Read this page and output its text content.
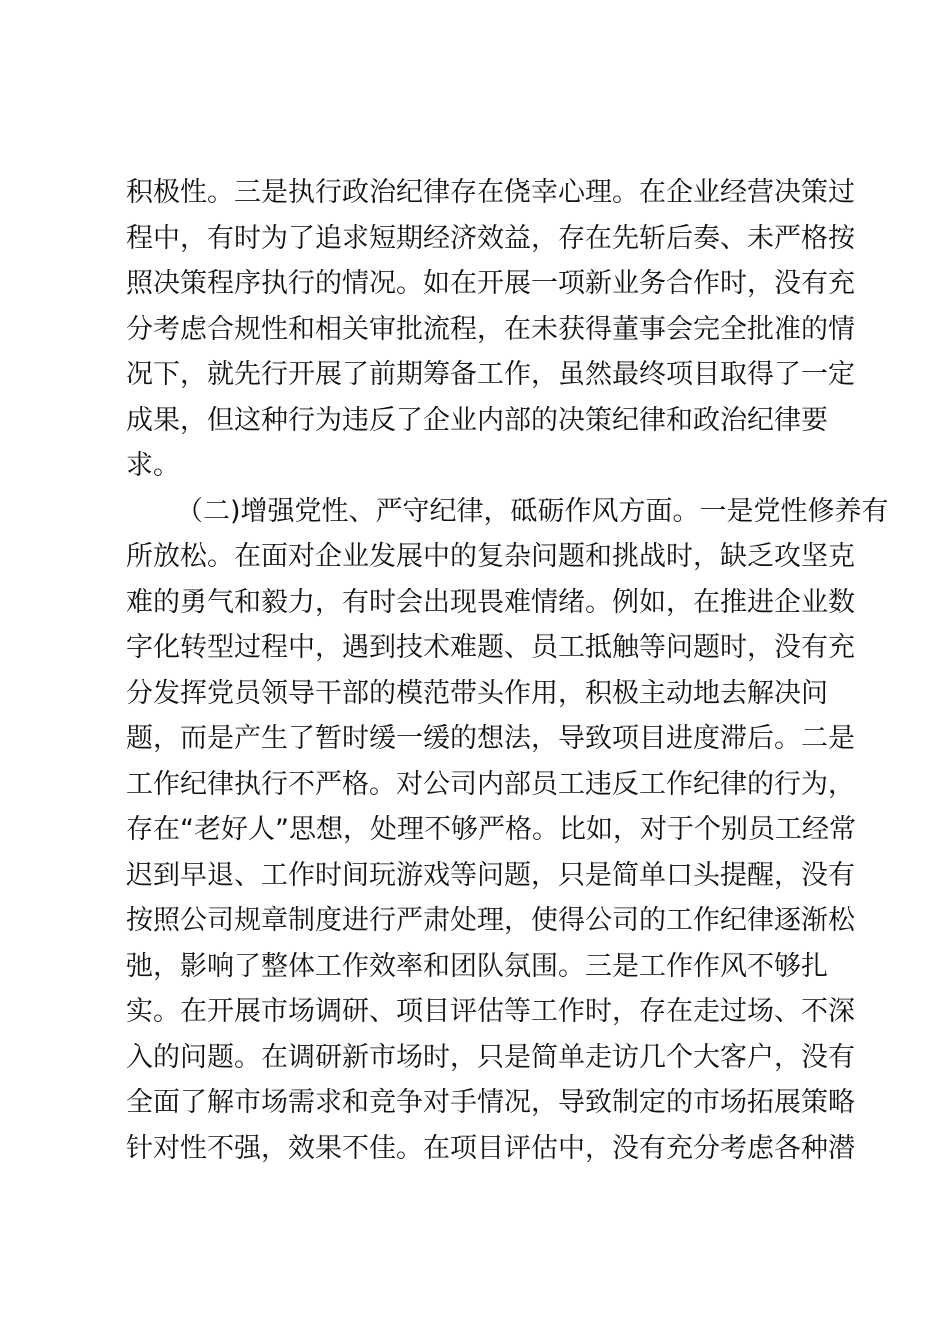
积极性。三是执行政治纪律存在侥幸心理。在企业经营决策过
程中，有时为了追求短期经济效益，存在先斩后奏、未严格按
照决策程序执行的情况。如在开展一项新业务合作时，没有充
分考虑合规性和相关审批流程，在未获得董事会完全批准的情
况下，就先行开展了前期筹备工作，虽然最终项目取得了一定
成果，但这种行为违反了企业内部的决策纪律和政治纪律要
求。
（二)增强党性、严守纪律，砥砺作风方面。一是党性修养有
所放松。在面对企业发展中的复杂问题和挑战时，缺乏攻坚克
难的勇气和毅力，有时会出现畏难情绪。例如，在推进企业数
字化转型过程中，遇到技术难题、员工抵触等问题时，没有充
分发挥党员领导干部的模范带头作用，积极主动地去解决问
题，而是产生了暂时缓一缓的想法，导致项目进度滞后。二是
工作纪律执行不严格。对公司内部员工违反工作纪律的行为，
存在“老好人”思想，处理不够严格。比如，对于个别员工经常
迟到早退、工作时间玩游戏等问题，只是简单口头提醒，没有
按照公司规章制度进行严肃处理，使得公司的工作纪律逐渐松
弛，影响了整体工作效率和团队氛围。三是工作作风不够扎
实。在开展市场调研、项目评估等工作时，存在走过场、不深
入的问题。在调研新市场时，只是简单走访几个大客户，没有
全面了解市场需求和竞争对手情况，导致制定的市场拓展策略
针对性不强，效果不佳。在项目评估中，没有充分考虑各种潜
